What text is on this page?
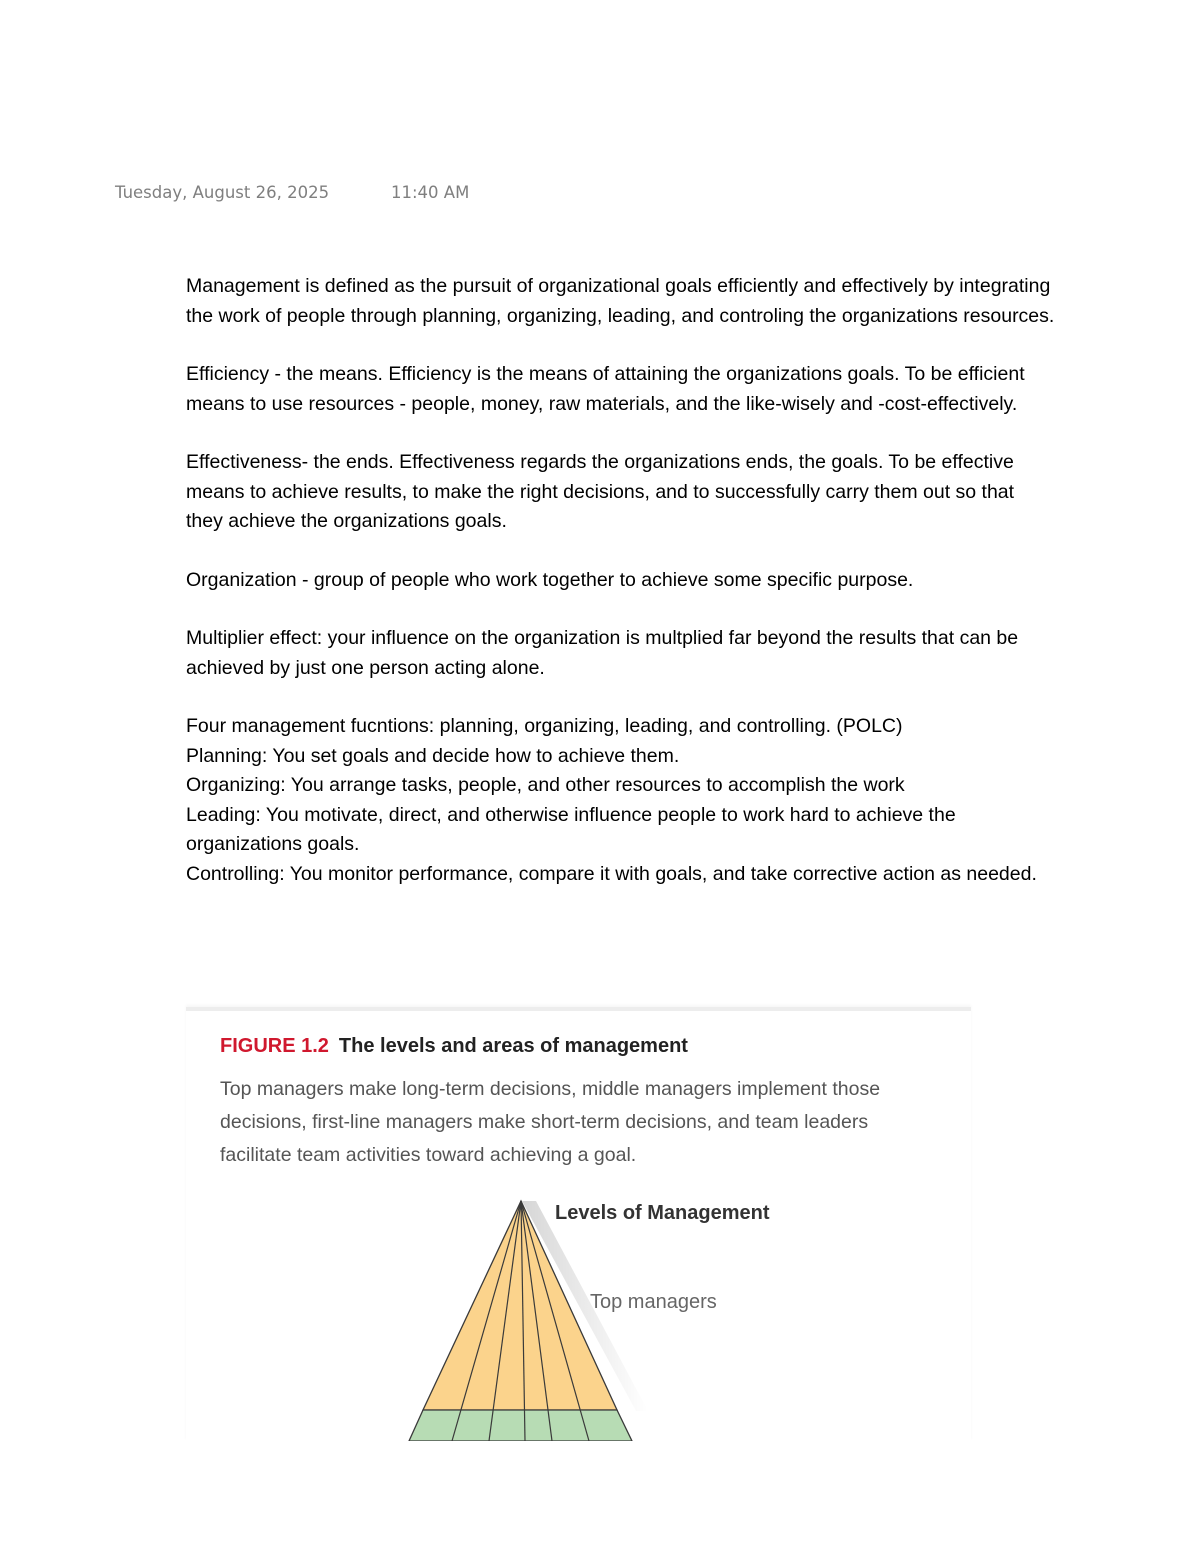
Tuesday, August 26, 2025	11:40 AM

Management is defined as the pursuit of organizational goals efficiently and effectively by integrating the work of people through planning, organizing, leading, and controling the organizations resources.

Efficiency - the means. Efficiency is the means of attaining the organizations goals. To be efficient means to use resources - people, money, raw materials, and the like-wisely and -cost-effectively.

Effectiveness- the ends. Effectiveness regards the organizations ends, the goals. To be effective means to achieve results, to make the right decisions, and to successfully carry them out so that they achieve the organizations goals.

Organization - group of people who work together to achieve some specific purpose.

Multiplier effect: your influence on the organization is multplied far beyond the results that can be achieved by just one person acting alone.

Four management fucntions: planning, organizing, leading, and controlling. (POLC)

Planning: You set goals and decide how to achieve them.

Organizing: You arrange tasks, people, and other resources to accomplish the work

Leading: You motivate, direct, and otherwise influence people to work hard to achieve the organizations goals.

Controlling: You monitor performance, compare it with goals, and take corrective action as needed.

FIGURE 1.2 The levels and areas of management
Top managers make long-term decisions, middle managers implement those decisions, first-line managers make short-term decisions, and team leaders facilitate team activities toward achieving a goal.
Levels of Management
Top managers
